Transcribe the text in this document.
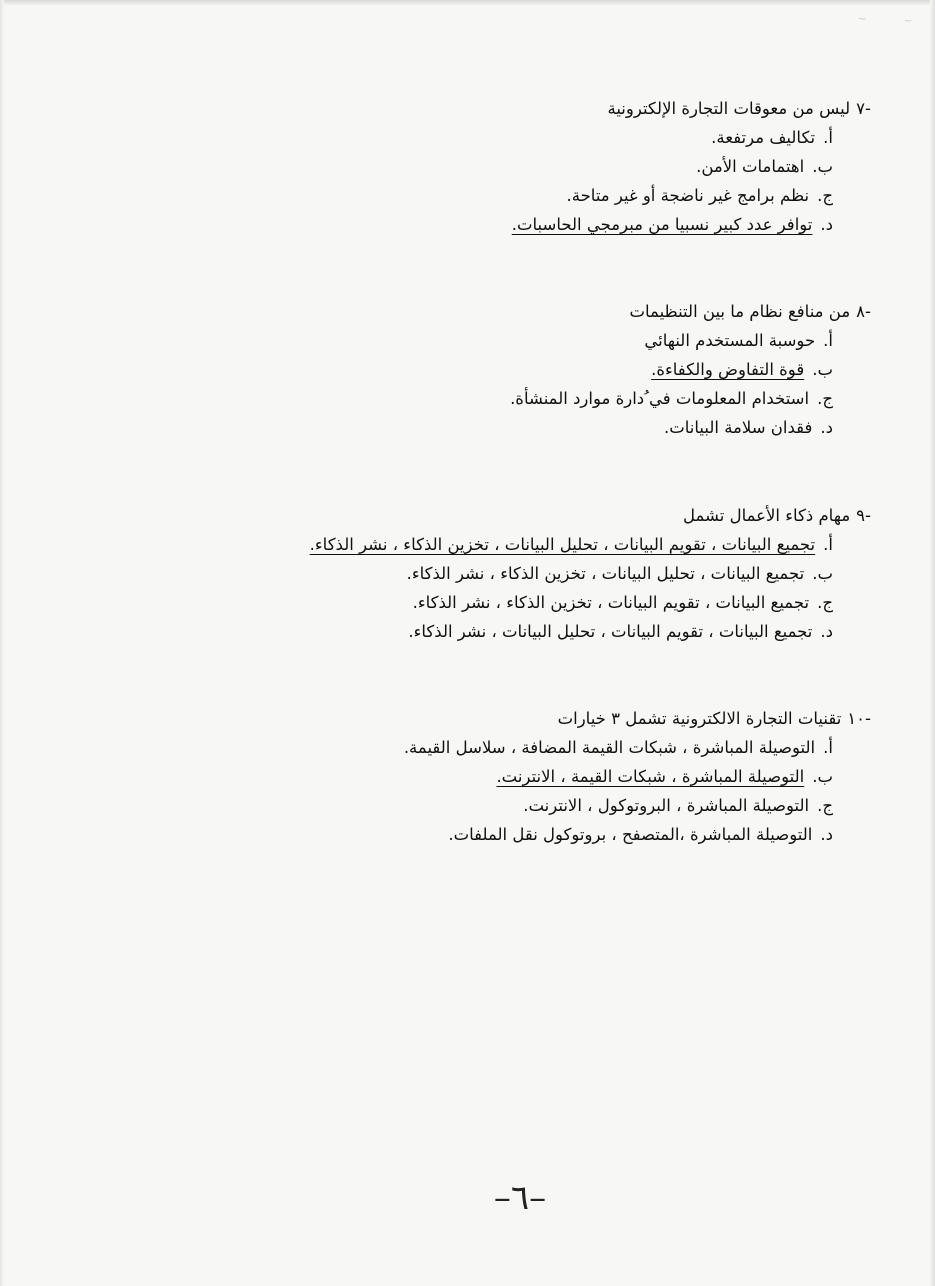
~	~
-٧ليس من معوقات التجارة الإلكترونية
أ.تكاليف مرتفعة.
ب.اهتمامات الأمن.
ج.نظم برامج غير ناضجة أو غير متاحة.
د.توافر عدد كبير نسبيا من مبرمجي الحاسبات.
-٨من منافع نظام ما بين التنظيمات
أ.حوسبة المستخدم النهائي
ب.قوة التفاوض والكفاءة.
ج.استخدام المعلومات في ُدارة موارد المنشأة.
د.فقدان سلامة البيانات.
-٩مهام ذكاء الأعمال تشمل
أ.تجميع البيانات ، تقويم البيانات ، تحليل البيانات ، تخزين الذكاء ، نشر الذكاء.
ب.تجميع البيانات ، تحليل البيانات ، تخزين الذكاء ، نشر الذكاء.
ج.تجميع البيانات ، تقويم البيانات ، تخزين الذكاء ، نشر الذكاء.
د.تجميع البيانات ، تقويم البيانات ، تحليل البيانات ، نشر الذكاء.
-١٠تقنيات التجارة الالكترونية تشمل ٣ خيارات
أ.التوصيلة المباشرة ، شبكات القيمة المضافة ، سلاسل القيمة.
ب.التوصيلة المباشرة ، شبكات القيمة ، الانترنت.
ج.التوصيلة المباشرة ، البروتوكول ، الانترنت.
د.التوصيلة المباشرة ،المتصفح ، بروتوكول نقل الملفات.
–٦–
